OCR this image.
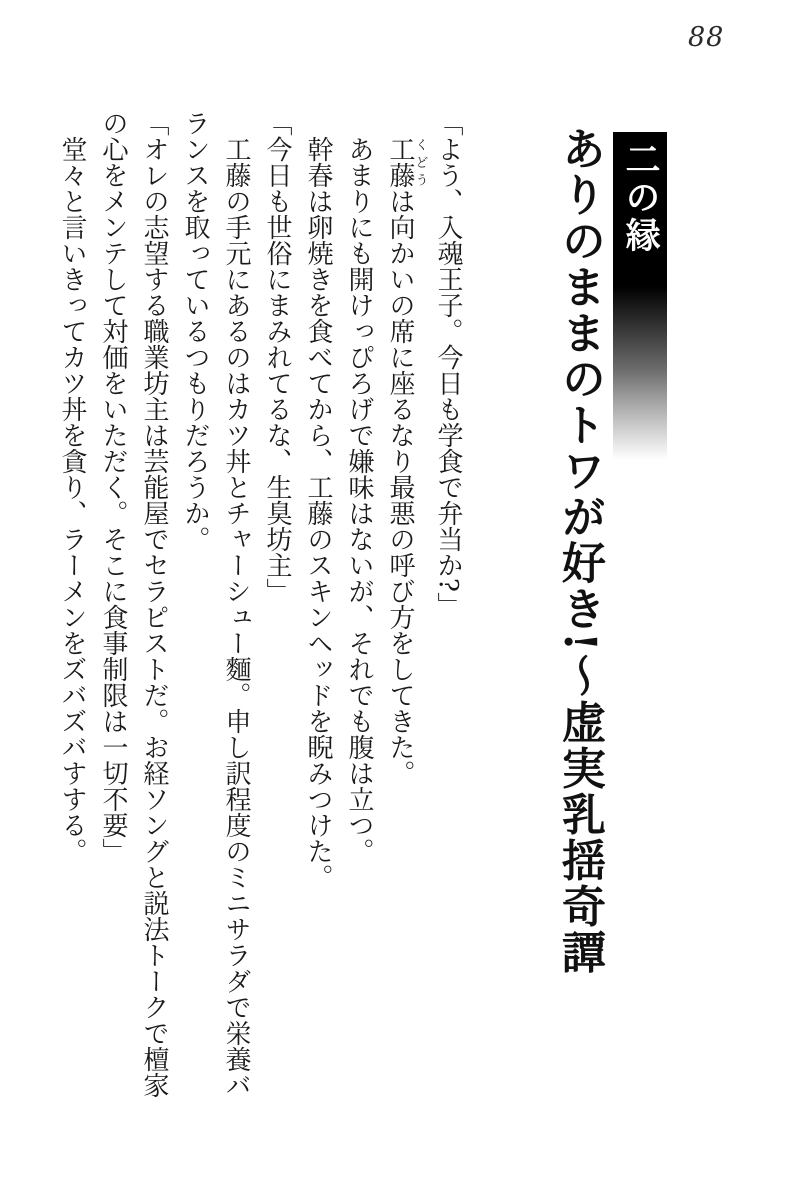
88
二の縁
ありのままのトワが好き!〜虚実乳揺奇譚

「よう、入魂王子。今日も学食で弁当か?」

工藤くどうは向かいの席に座るなり最悪の呼び方をしてきた。

あまりにも開けっぴろげで嫌味はないが、それでも腹は立つ。

幹春は卵焼きを食べてから、工藤のスキンヘッドを睨みつけた。

「今日も世俗にまみれてるな、生臭坊主」

工藤の手元にあるのはカツ丼とチャーシュー麵。申し訳程度のミニサラダで栄養バランスを取っているつもりだろうか。

「オレの志望する職業坊主は芸能屋でセラピストだ。お経ソングと説法トークで檀家の心をメンテして対価をいただく。そこに食事制限は一切不要」

堂々と言いきってカツ丼を貪り、ラーメンをズバズバすする。
